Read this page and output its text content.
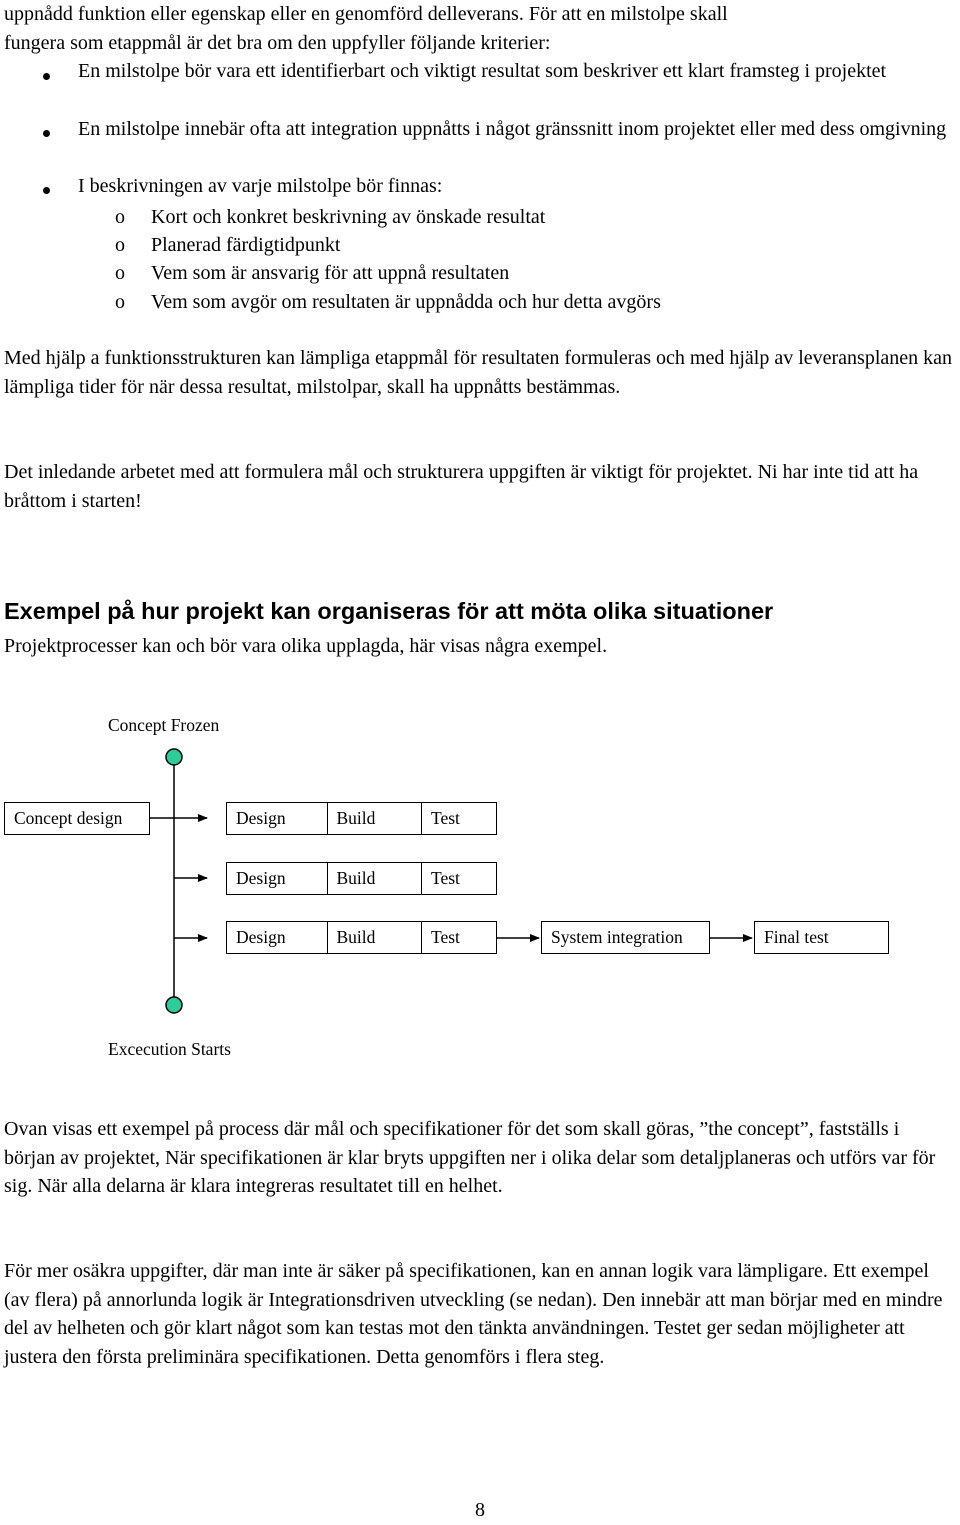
uppnådd funktion eller egenskap eller en genomförd delleverans. För att en milstolpe skall
fungera som etappmål är det bra om den uppfyller följande kriterier:
En milstolpe bör vara ett identifierbart och viktigt resultat som beskriver ett klart framsteg i projektet
En milstolpe innebär ofta att integration uppnåtts i något gränssnitt inom projektet eller med dess omgivning
I beskrivningen av varje milstolpe bör finnas:
o Kort och konkret beskrivning av önskade resultat
o Planerad färdigtidpunkt
o Vem som är ansvarig för att uppnå resultaten
o Vem som avgör om resultaten är uppnådda och hur detta avgörs

Med hjälp a funktionsstrukturen kan lämpliga etappmål för resultaten formuleras och med hjälp av leveransplanen kan lämpliga tider för när dessa resultat, milstolpar, skall ha uppnåtts bestämmas.

Det inledande arbetet med att formulera mål och strukturera uppgiften är viktigt för projektet. Ni har inte tid att ha bråttom i starten!

Exempel på hur projekt kan organiseras för att möta olika situationer
Projektprocesser kan och bör vara olika upplagda, här visas några exempel.
Concept Frozen
Concept design	Design	Build	Test
Design	Build	Test
Design	Build	Test	System integration	Final test
Excecution Starts

Ovan visas ett exempel på process där mål och specifikationer för det som skall göras, ”the concept”, fastställs i början av projektet, När specifikationen är klar bryts uppgiften ner i olika delar som detaljplaneras och utförs var för sig. När alla delarna är klara integreras resultatet till en helhet.

För mer osäkra uppgifter, där man inte är säker på specifikationen, kan en annan logik vara lämpligare. Ett exempel (av flera) på annorlunda logik är Integrationsdriven utveckling (se nedan). Den innebär att man börjar med en mindre del av helheten och gör klart något som kan testas mot den tänkta användningen. Testet ger sedan möjligheter att justera den första preliminära specifikationen. Detta genomförs i flera steg.

8
